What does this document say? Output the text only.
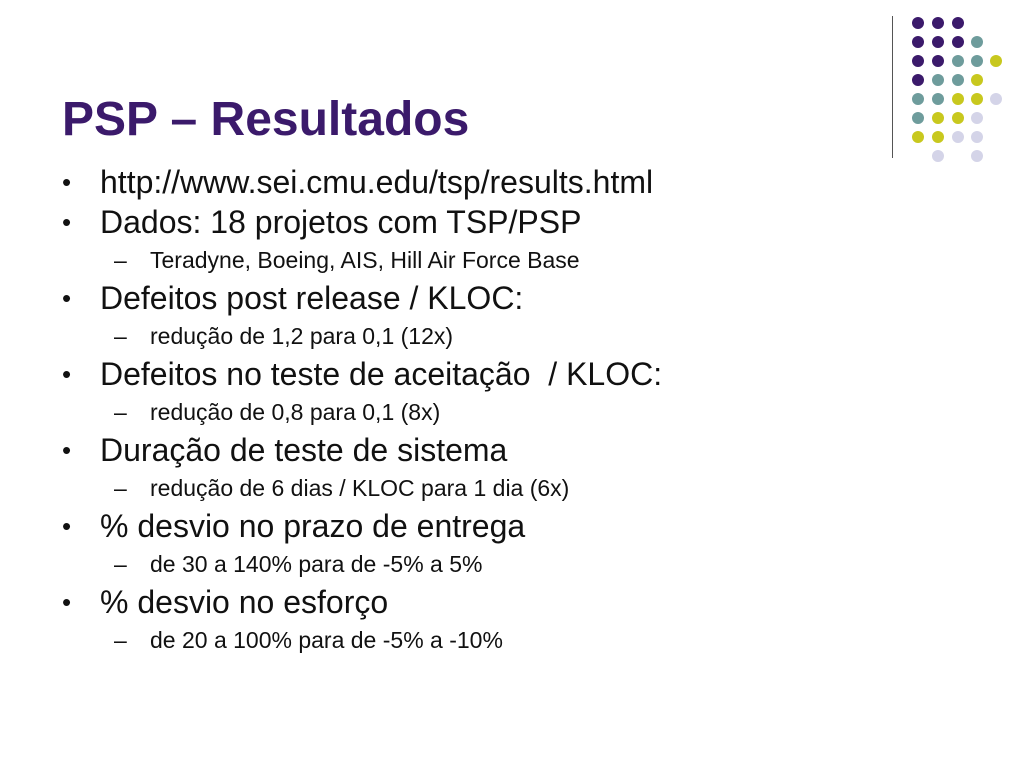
PSP – Resultados
• http://www.sei.cmu.edu/tsp/results.html
• Dados: 18 projetos com TSP/PSP
–	Teradyne, Boeing, AIS, Hill Air Force Base
• Defeitos post release / KLOC:
–	redução de 1,2 para 0,1 (12x)
• Defeitos no teste de aceitação  / KLOC:
–	redução de 0,8 para 0,1 (8x)
• Duração de teste de sistema
–	redução de 6 dias / KLOC para 1 dia (6x)
• % desvio no prazo de entrega
–	de 30 a 140% para de -5% a 5%
• % desvio no esforço
–	de 20 a 100% para de -5% a -10%
